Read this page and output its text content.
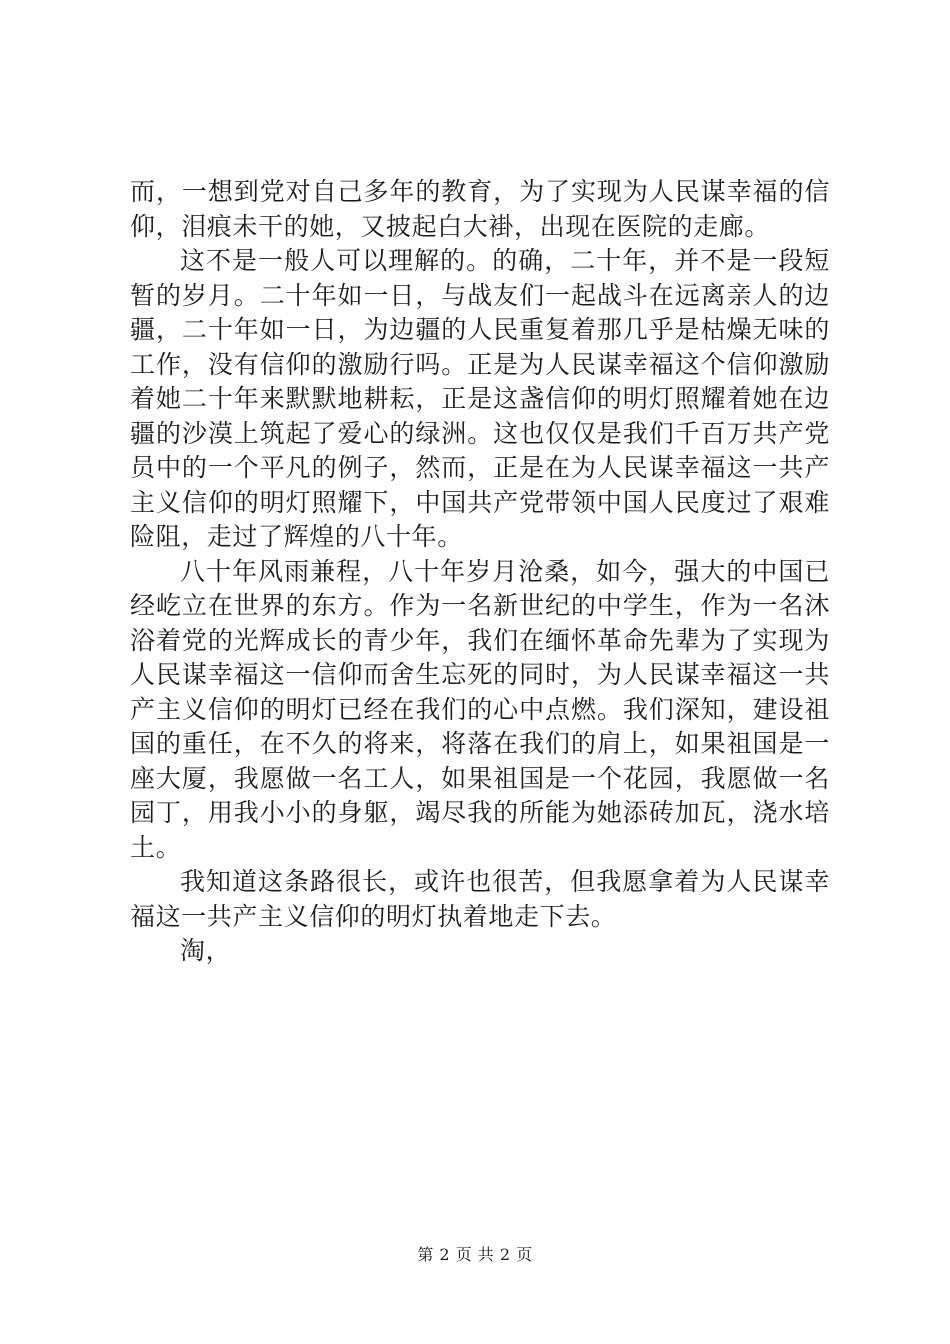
而，一想到党对自己多年的教育，为了实现为人民谋幸福的信仰，泪痕未干的她，又披起白大褂，出现在医院的走廊。

这不是一般人可以理解的。的确，二十年，并不是一段短暂的岁月。二十年如一日，与战友们一起战斗在远离亲人的边疆，二十年如一日，为边疆的人民重复着那几乎是枯燥无味的工作，没有信仰的激励行吗。正是为人民谋幸福这个信仰激励着她二十年来默默地耕耘，正是这盏信仰的明灯照耀着她在边疆的沙漠上筑起了爱心的绿洲。这也仅仅是我们千百万共产党员中的一个平凡的例子，然而，正是在为人民谋幸福这一共产主义信仰的明灯照耀下，中国共产党带领中国人民度过了艰难险阻，走过了辉煌的八十年。

八十年风雨兼程，八十年岁月沧桑，如今，强大的中国已经屹立在世界的东方。作为一名新世纪的中学生，作为一名沐浴着党的光辉成长的青少年，我们在缅怀革命先辈为了实现为人民谋幸福这一信仰而舍生忘死的同时，为人民谋幸福这一共产主义信仰的明灯已经在我们的心中点燃。我们深知，建设祖国的重任，在不久的将来，将落在我们的肩上，如果祖国是一座大厦，我愿做一名工人，如果祖国是一个花园，我愿做一名园丁，用我小小的身躯，竭尽我的所能为她添砖加瓦，浇水培土。

我知道这条路很长，或许也很苦，但我愿拿着为人民谋幸福这一共产主义信仰的明灯执着地走下去。

淘，

第 2 页 共 2 页
